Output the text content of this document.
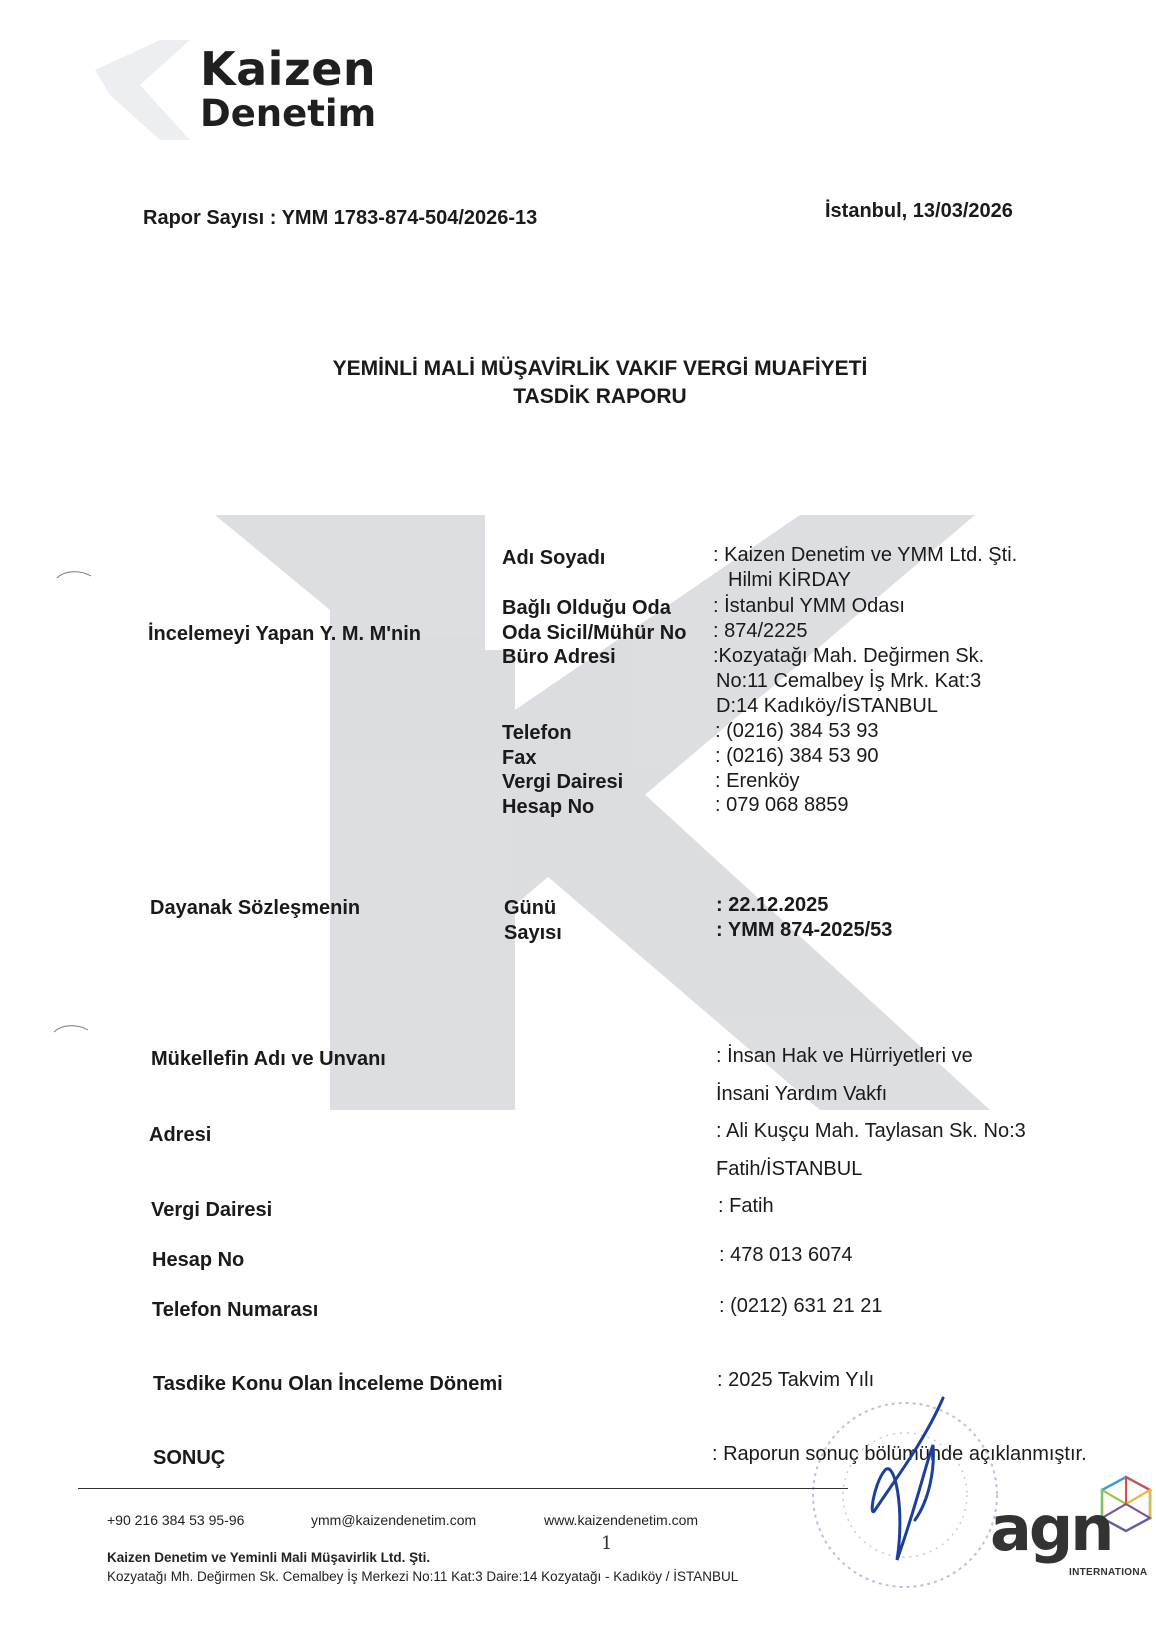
Kaizen
Denetim
Rapor Sayısı : YMM 1783-874-504/2026-13	İstanbul, 13/03/2026
YEMİNLİ MALİ MÜŞAVİRLİK VAKIF VERGİ MUAFİYETİ
TASDİK RAPORU
İncelemeyi Yapan Y. M. M'nin
Adı Soyadı	: Kaizen Denetim ve YMM Ltd. Şti.
Hilmi KİRDAY
Bağlı Olduğu Oda : İstanbul YMM Odası
Oda Sicil/Mühür No : 874/2225
Büro Adresi	:Kozyatağı Mah. Değirmen Sk.
No:11 Cemalbey İş Mrk. Kat:3
D:14 Kadıköy/İSTANBUL
Telefon	: (0216) 384 53 93
Fax	: (0216) 384 53 90
Vergi Dairesi	: Erenköy
Hesap No	: 079 068 8859
Dayanak Sözleşmenin	Günü	: 22.12.2025
Sayısı	: YMM 874-2025/53
Mükellefin Adı ve Unvanı	: İnsan Hak ve Hürriyetleri ve
İnsani Yardım Vakfı
Adresi	: Ali Kuşçu Mah. Taylasan Sk. No:3
Fatih/İSTANBUL
Vergi Dairesi	: Fatih
Hesap No	: 478 013 6074
Telefon Numarası	: (0212) 631 21 21
Tasdike Konu Olan İnceleme Dönemi	: 2025 Takvim Yılı
SONUÇ	: Raporun sonuç bölümünde açıklanmıştır.
+90 216 384 53 95-96	ymm@kaizendenetim.com	www.kaizendenetim.com
1
Kaizen Denetim ve Yeminli Mali Müşavirlik Ltd. Şti.
Kozyatağı Mh. Değirmen Sk. Cemalbey İş Merkezi No:11 Kat:3 Daire:14 Kozyatağı - Kadıköy / İSTANBUL
agn
INTERNATIONA
